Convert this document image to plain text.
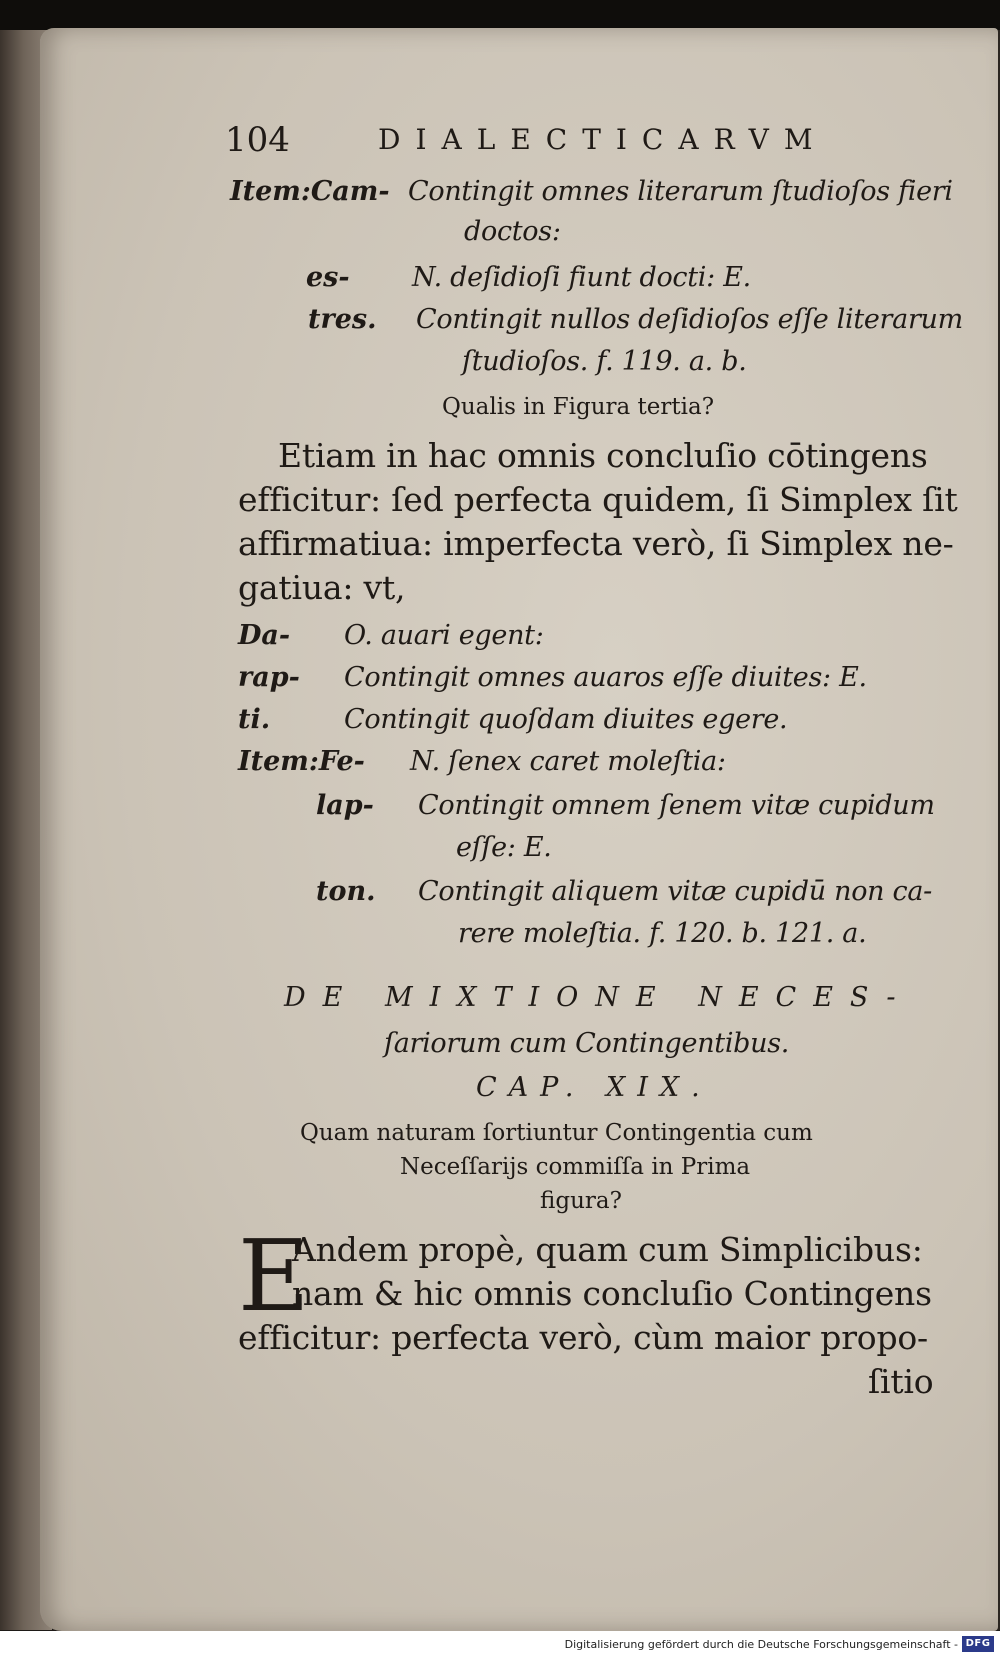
104	DIALECTICARVM
Item:Cam- Contingit omnes literarum ſtudioſos fieri
doctos:
es- N. deſidioſi fiunt docti: E.
tres. Contingit nullos deſidioſos eſſe literarum
ſtudioſos. f. 119. a. b.
Qualis in Figura tertia?
Etiam in hac omnis concluſio cōtingens
efficitur: ſed perfecta quidem, ſi Simplex ſit
affirmatiua: imperfecta verò, ſi Simplex ne-
gatiua: vt,
Da- O. auari egent:
rap- Contingit omnes auaros eſſe diuites: E.
ti.	Contingit quoſdam diuites egere.
Item:Fe- N. ſenex caret moleſtia:
lap- Contingit omnem ſenem vitæ cupidum
eſſe: E.
ton. Contingit aliquem vitæ cupidū non ca-
rere moleſtia. f. 120. b. 121. a.
DE MIXTIONE NECES-
ſariorum cum Contingentibus.
CAP. XIX.
Quam naturam ſortiuntur Contingentia cum
Neceſſarijs commiſſa in Prima
figura?
E
Andem propè, quam cum Simplicibus:
nam & hic omnis concluſio Contingens
efficitur: perfecta verò, cùm maior propo-
ſitio
Digitalisierung gefördert durch die Deutsche Forschungsgemeinschaft - DFG
